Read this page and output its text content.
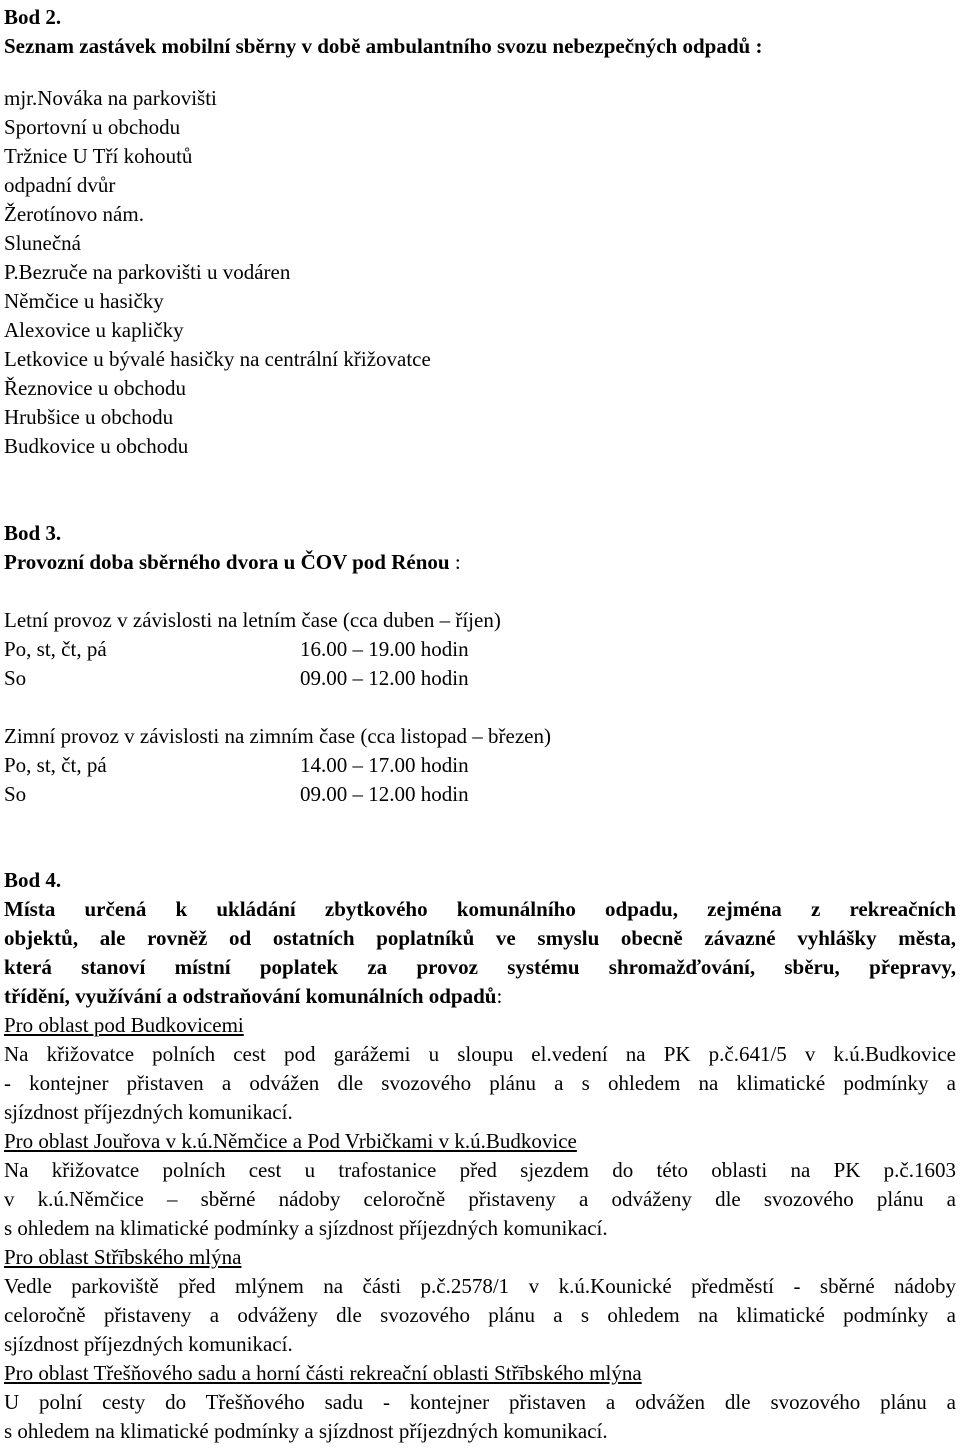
Bod 2.
Seznam zastávek mobilní sběrny v době ambulantního svozu nebezpečných odpadů :
mjr.Nováka na parkovišti
Sportovní u obchodu
Tržnice U Tří kohoutů
odpadní dvůr
Žerotínovo nám.
Slunečná
P.Bezruče na parkovišti u vodáren
Němčice u hasičky
Alexovice u kapličky
Letkovice u bývalé hasičky na centrální křižovatce
Řeznovice u obchodu
Hrubšice u obchodu
Budkovice u obchodu
Bod 3.
Provozní doba sběrného dvora u ČOV pod Rénou :
Letní provoz v závislosti na letním čase (cca duben – říjen)
Po, st, čt, pá	16.00 – 19.00 hodin
So	09.00 – 12.00 hodin
Zimní provoz v závislosti na zimním čase (cca listopad – březen)
Po, st, čt, pá	14.00 – 17.00 hodin
So	09.00 – 12.00 hodin
Bod 4.
Místa určená k ukládání zbytkového komunálního odpadu, zejména z rekreačních
objektů, ale rovněž od ostatních poplatníků ve smyslu obecně závazné vyhlášky města,
která stanoví místní poplatek za provoz systému shromažďování, sběru, přepravy,
třídění, využívání a odstraňování komunálních odpadů:
Pro oblast pod Budkovicemi
Na křižovatce polních cest pod garážemi u sloupu el.vedení na PK p.č.641/5 v k.ú.Budkovice
- kontejner přistaven a odvážen dle svozového plánu a s ohledem na klimatické podmínky a
sjízdnost příjezdných komunikací.
Pro oblast Jouřova v k.ú.Němčice a Pod Vrbičkami v k.ú.Budkovice
Na křižovatce polních cest u trafostanice před sjezdem do této oblasti na PK p.č.1603
v k.ú.Němčice – sběrné nádoby celoročně přistaveny a odváženy dle svozového plánu a
s ohledem na klimatické podmínky a sjízdnost příjezdných komunikací.
Pro oblast Střībského mlýna
Vedle parkoviště před mlýnem na části p.č.2578/1 v k.ú.Kounické předměstí - sběrné nádoby
celoročně přistaveny a odváženy dle svozového plánu a s ohledem na klimatické podmínky a
sjízdnost příjezdných komunikací.
Pro oblast Třešňového sadu a horní části rekreační oblasti Střībského mlýna
U polní cesty do Třešňového sadu - kontejner přistaven a odvážen dle svozového plánu a
s ohledem na klimatické podmínky a sjízdnost příjezdných komunikací.
